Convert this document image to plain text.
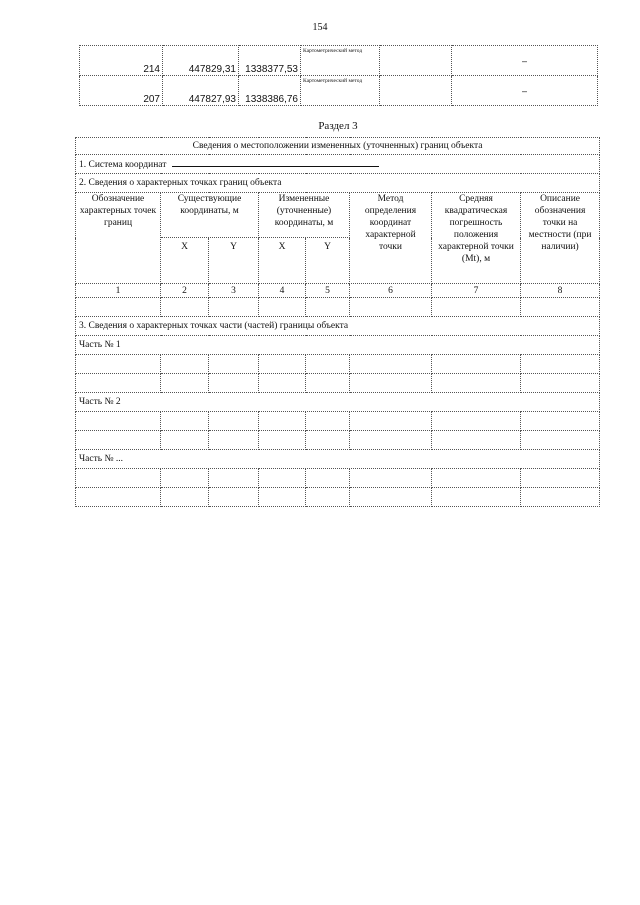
154
214	447829,31	1338377,53	Картометрический метод		–
207	447827,93	1338386,76	Картометрический метод		–
Раздел 3
Сведения о местоположении измененных (уточненных) границ объекта							
1. Система координат							
2. Сведения о характерных точках границ объекта							
Обозначение характерных точек границ	Существующие координаты, м		Измененные (уточненные) координаты, м		Метод определения координат характерной точки	Средняя квадратическая погрешность положения характерной точки (Mt), м	Описание обозначения точки на местности (при наличии)
	X	Y	X	Y			
1	2	3	4	5	6	7	8

3. Сведения о характерных точках части (частей) границы объекта							
Часть № 1							

Часть № 2							

Часть № ...							
